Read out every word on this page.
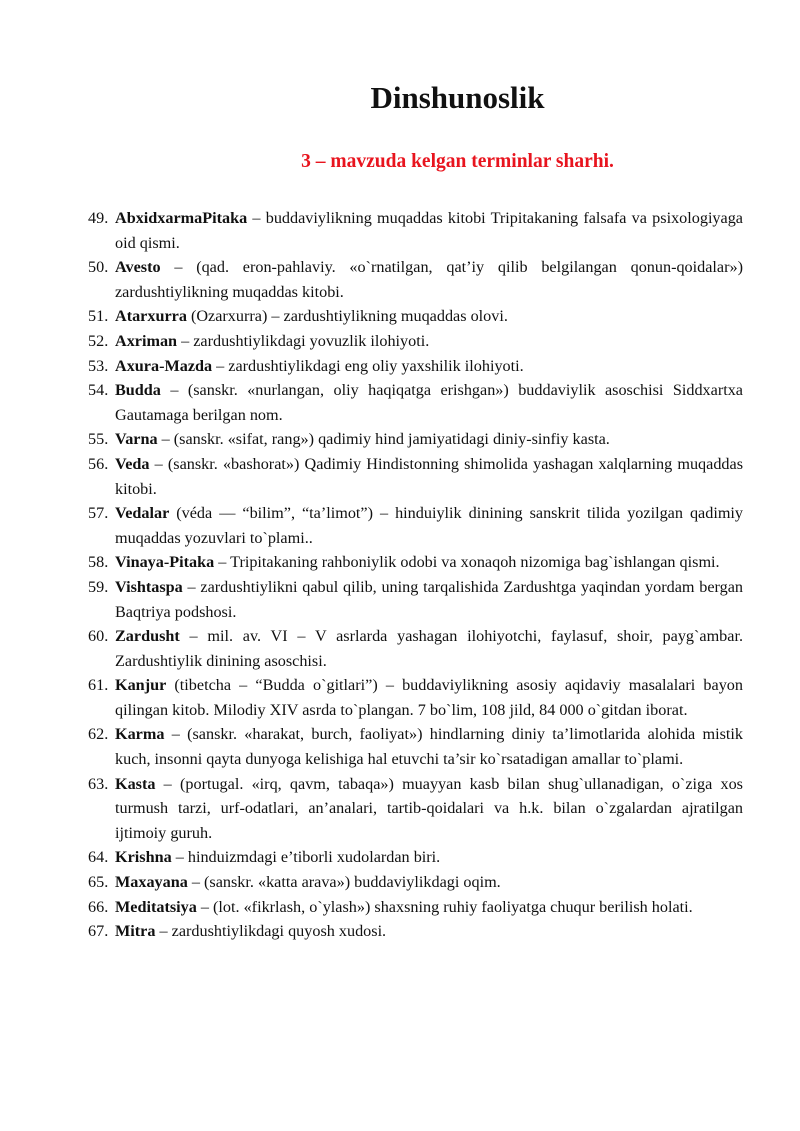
Dinshunoslik
3 – mavzuda kelgan terminlar sharhi.
49. AbxidxarmaPitaka – buddaviylikning muqaddas kitobi Tripitakaning falsafa va psixologiyaga oid qismi.
50. Avesto – (qad. eron-pahlaviy. «o`rnatilgan, qat’iy qilib belgilangan qonun-qoidalar») zardushtiylikning muqaddas kitobi.
51. Atarxurra (Ozarxurra) – zardushtiylikning muqaddas olovi.
52. Axriman – zardushtiylikdagi yovuzlik ilohiyoti.
53. Axura-Mazda – zardushtiylikdagi eng oliy yaxshilik ilohiyoti.
54. Budda – (sanskr. «nurlangan, oliy haqiqatga erishgan») buddaviylik asoschisi Siddxartxa Gautamaga berilgan nom.
55. Varna – (sanskr. «sifat, rang») qadimiy hind jamiyatidagi diniy-sinfiy kasta.
56. Veda – (sanskr. «bashorat») Qadimiy Hindistonning shimolida yashagan xalqlarning muqaddas kitobi.
57. Vedalar (véda — “bilim”, “ta’limot”) – hinduiylik dinining sanskrit tilida yozilgan qadimiy muqaddas yozuvlari to`plami..
58. Vinaya-Pitaka – Tripitakaning rahboniylik odobi va xonaqoh nizomiga bag`ishlangan qismi.
59. Vishtaspa – zardushtiylikni qabul qilib, uning tarqalishida Zardushtga yaqindan yordam bergan Baqtriya podshosi.
60. Zardusht – mil. av. VI – V asrlarda yashagan ilohiyotchi, faylasuf, shoir, payg`ambar. Zardushtiylik dinining asoschisi.
61. Kanjur (tibetcha – “Budda o`gitlari”) – buddaviylikning asosiy aqidaviy masalalari bayon qilingan kitob. Milodiy XIV asrda to`plangan. 7 bo`lim, 108 jild, 84 000 o`gitdan iborat.
62. Karma – (sanskr. «harakat, burch, faoliyat») hindlarning diniy ta’limotlarida alohida mistik kuch, insonni qayta dunyoga kelishiga hal etuvchi ta’sir ko`rsatadigan amallar to`plami.
63. Kasta – (portugal. «irq, qavm, tabaqa») muayyan kasb bilan shug`ullanadigan, o`ziga xos turmush tarzi, urf-odatlari, an’analari, tartib-qoidalari va h.k. bilan o`zgalardan ajratilgan ijtimoiy guruh.
64. Krishna – hinduizmdagi e’tiborli xudolardan biri.
65. Maxayana – (sanskr. «katta arava») buddaviylikdagi oqim.
66. Meditatsiya – (lot. «fikrlash, o`ylash») shaxsning ruhiy faoliyatga chuqur berilish holati.
67. Mitra – zardushtiylikdagi quyosh xudosi.
